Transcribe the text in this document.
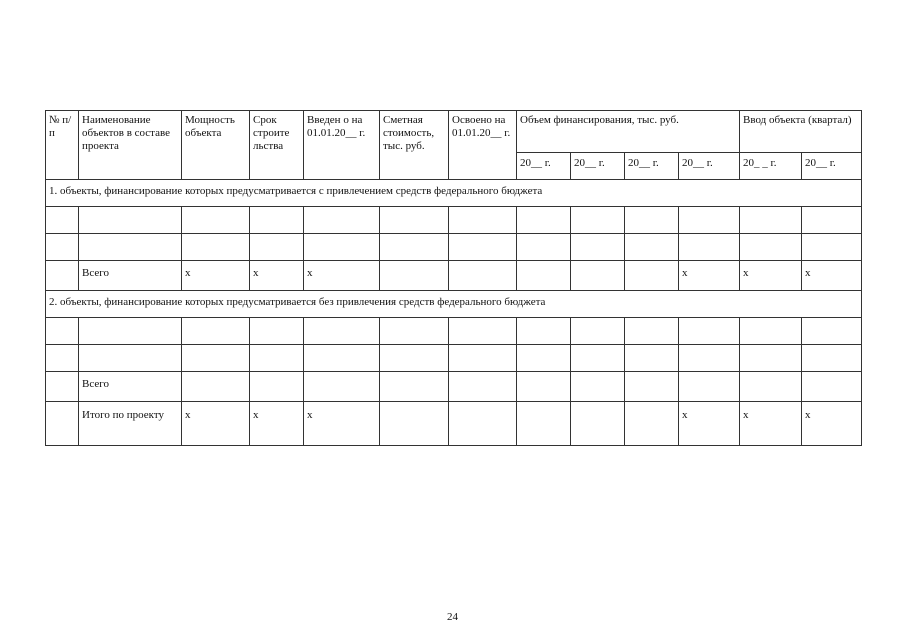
№ п/п	Наименование объектов в составе проекта	Мощность объекта	Срок строите льства	Введен о на 01.01.20__ г.	Сметная стоимость, тыс. руб.	Освоено на 01.01.20__ г.	Объем финансирования, тыс. руб.				Ввод объекта (квартал)	
							20__ г.	20__ г.	20__ г.	20__ г.	20_ _ г.	20__ г.
1. объекты, финансирование которых предусматривается с привлечением средств федерального бюджета												

	Всего	х	х	х						х	х	х
2. объекты, финансирование которых предусматривается без привлечения средств федерального бюджета												

	Всего											
	Итого по проекту	х	х	х						х	х	х
24
